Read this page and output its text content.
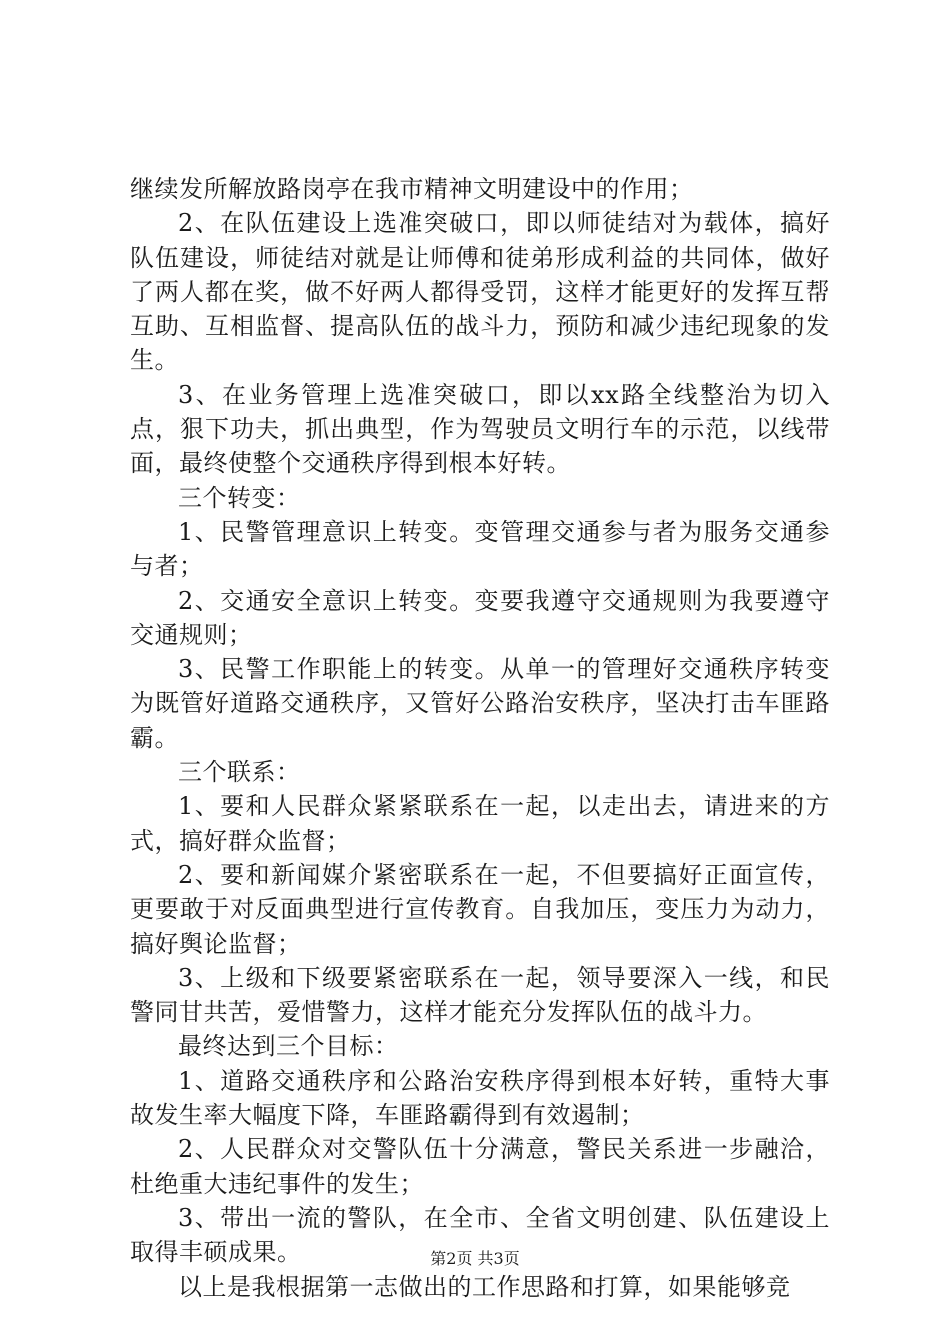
继续发所解放路岗亭在我市精神文明建设中的作用；

2、在队伍建设上选准突破口，即以师徒结对为载体，搞好队伍建设，师徒结对就是让师傅和徒弟形成利益的共同体，做好了两人都在奖，做不好两人都得受罚，这样才能更好的发挥互帮互助、互相监督、提高队伍的战斗力，预防和减少违纪现象的发生。

3、在业务管理上选准突破口，即以xx路全线整治为切入点，狠下功夫，抓出典型，作为驾驶员文明行车的示范，以线带面，最终使整个交通秩序得到根本好转。

三个转变：

1、民警管理意识上转变。变管理交通参与者为服务交通参与者；

2、交通安全意识上转变。变要我遵守交通规则为我要遵守交通规则；

3、民警工作职能上的转变。从单一的管理好交通秩序转变为既管好道路交通秩序，又管好公路治安秩序，坚决打击车匪路霸。

三个联系：

1、要和人民群众紧紧联系在一起，以走出去，请进来的方式，搞好群众监督；

2、要和新闻媒介紧密联系在一起，不但要搞好正面宣传，更要敢于对反面典型进行宣传教育。自我加压，变压力为动力，搞好舆论监督；

3、上级和下级要紧密联系在一起，领导要深入一线，和民警同甘共苦，爱惜警力，这样才能充分发挥队伍的战斗力。

最终达到三个目标：

1、道路交通秩序和公路治安秩序得到根本好转，重特大事故发生率大幅度下降，车匪路霸得到有效遏制；

2、人民群众对交警队伍十分满意，警民关系进一步融洽，杜绝重大违纪事件的发生；

3、带出一流的警队，在全市、全省文明创建、队伍建设上取得丰硕成果。

以上是我根据第一志做出的工作思路和打算，如果能够竞

第2页 共3页
